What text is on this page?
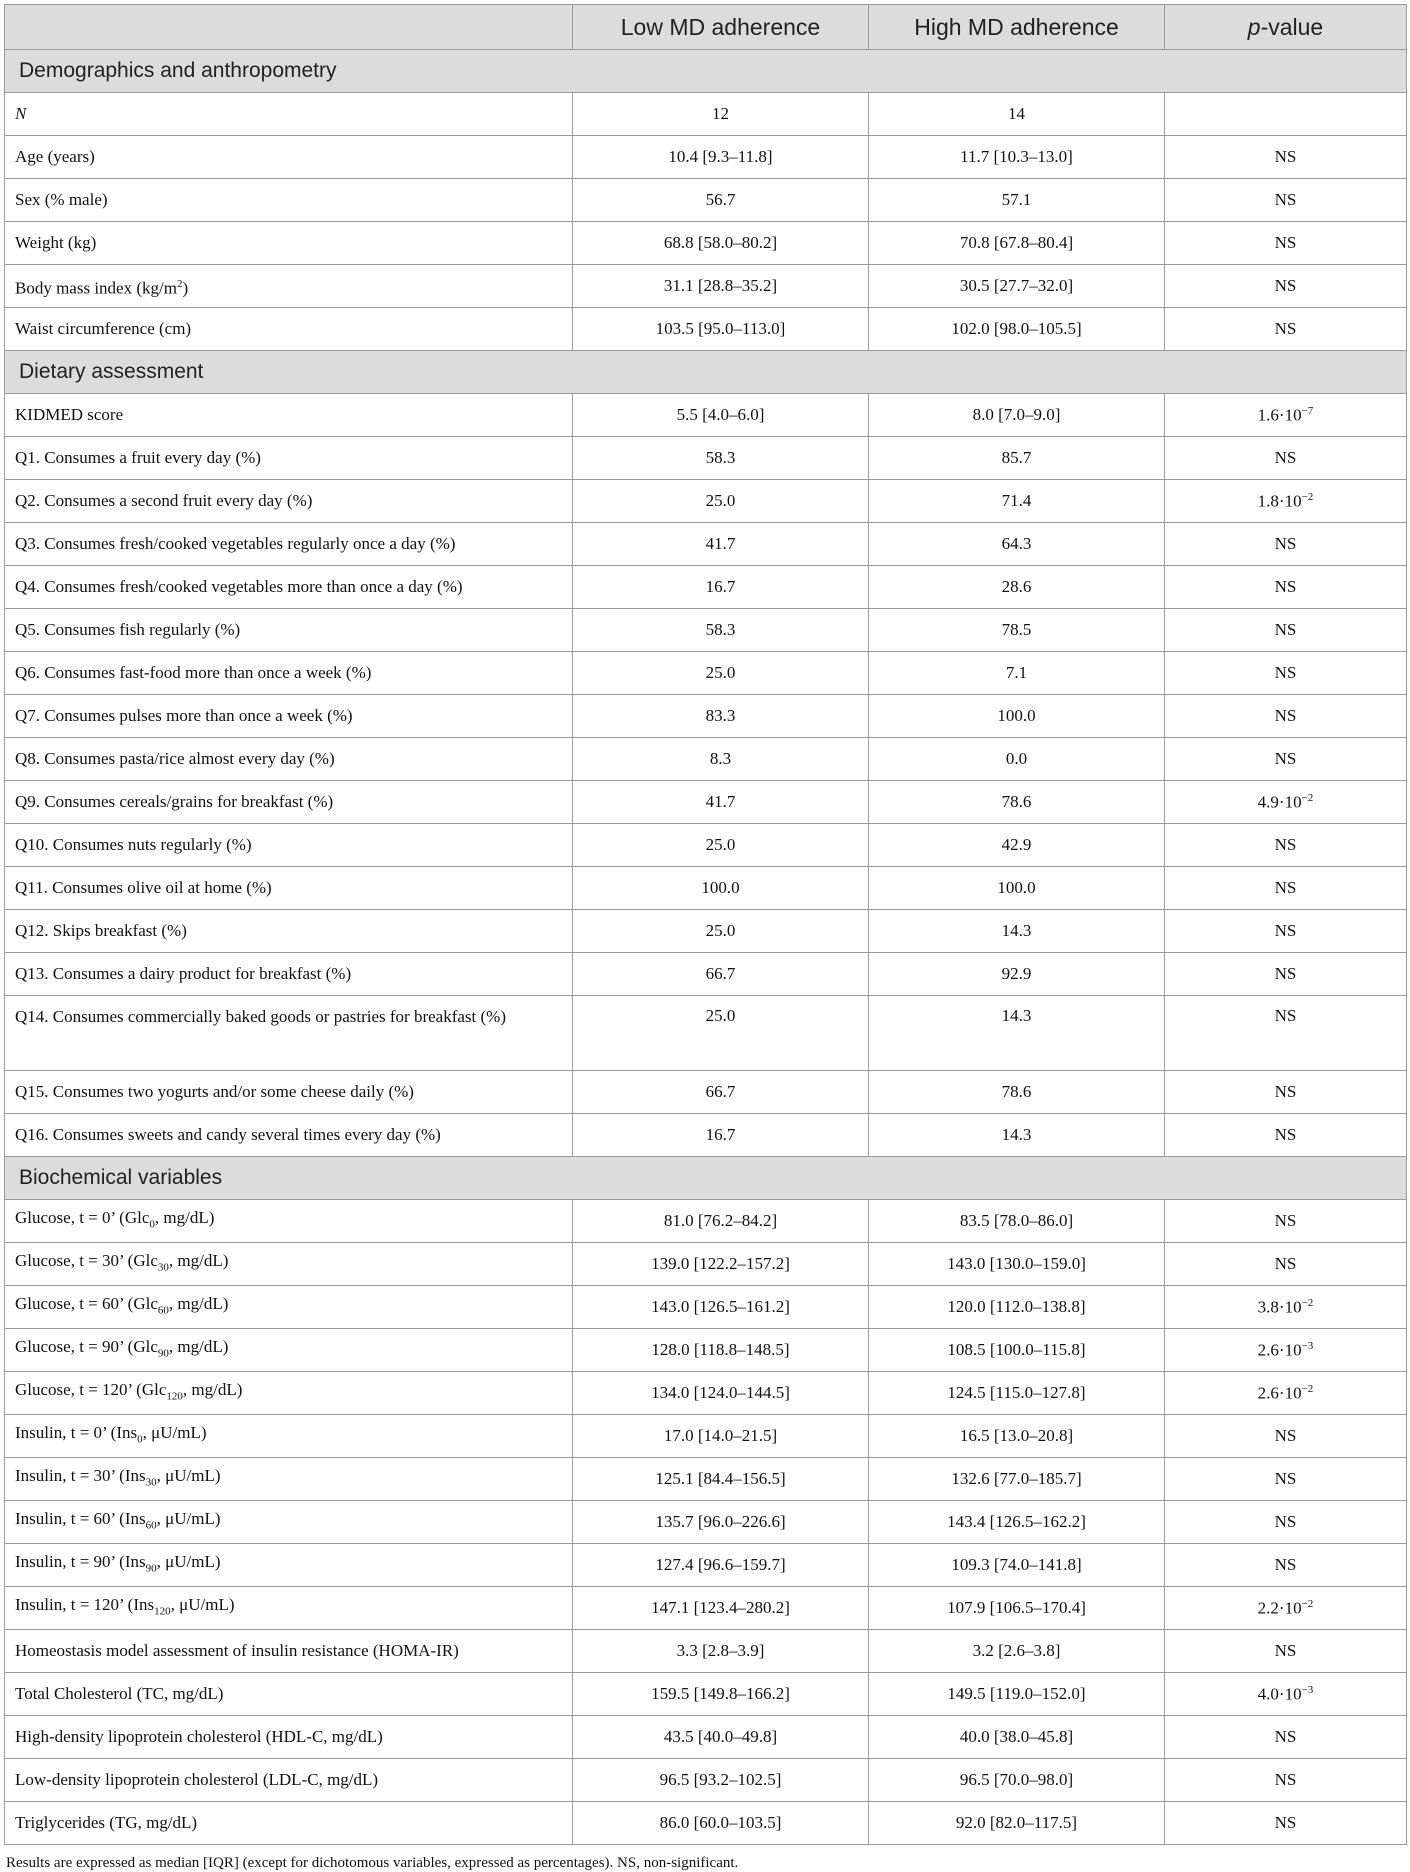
	Low MD adherence	High MD adherence	p-value
Demographics and anthropometry			
N	12	14	
Age (years)	10.4 [9.3–11.8]	11.7 [10.3–13.0]	NS
Sex (% male)	56.7	57.1	NS
Weight (kg)	68.8 [58.0–80.2]	70.8 [67.8–80.4]	NS
Body mass index $(kg/m^2)$	31.1 [28.8–35.2]	30.5 [27.7–32.0]	NS
Waist circumference (cm)	103.5 [95.0–113.0]	102.0 [98.0–105.5]	NS
Dietary assessment			
KIDMED score	5.5 [4.0–6.0]	8.0 [7.0–9.0]	$1.6\cdot 10^{-7}$
Q1. Consumes a fruit every day (%)	58.3	85.7	NS
Q2. Consumes a second fruit every day (%)	25.0	71.4	$1.8\cdot 10^{-2}$
Q3. Consumes fresh/cooked vegetables regularly once a day (%)	41.7	64.3	NS
Q4. Consumes fresh/cooked vegetables more than once a day (%)	16.7	28.6	NS
Q5. Consumes fish regularly (%)	58.3	78.5	NS
Q6. Consumes fast-food more than once a week (%)	25.0	7.1	NS
Q7. Consumes pulses more than once a week (%)	83.3	100.0	NS
Q8. Consumes pasta/rice almost every day (%)	8.3	0.0	NS
Q9. Consumes cereals/grains for breakfast (%)	41.7	78.6	$4.9\cdot 10^{-2}$
Q10. Consumes nuts regularly (%)	25.0	42.9	NS
Q11. Consumes olive oil at home (%)	100.0	100.0	NS
Q12. Skips breakfast (%)	25.0	14.3	NS
Q13. Consumes a dairy product for breakfast (%)	66.7	92.9	NS
Q14. Consumes commercially baked goods or pastries for breakfast (%)	25.0	14.3	NS
Q15. Consumes two yogurts and/or some cheese daily (%)	66.7	78.6	NS
Q16. Consumes sweets and candy several times every day (%)	16.7	14.3	NS
Biochemical variables			
Glucose, t = 0’ (Glc$_0$, mg/dL)	81.0 [76.2–84.2]	83.5 [78.0–86.0]	NS
Glucose, t = 30’ (Glc$_{30}$, mg/dL)	139.0 [122.2–157.2]	143.0 [130.0–159.0]	NS
Glucose, t = 60’ (Glc$_{60}$, mg/dL)	143.0 [126.5–161.2]	120.0 [112.0–138.8]	$3.8\cdot 10^{-2}$
Glucose, t = 90’ (Glc$_{90}$, mg/dL)	128.0 [118.8–148.5]	108.5 [100.0–115.8]	$2.6\cdot 10^{-3}$
Glucose, t = 120’ (Glc$_{120}$, mg/dL)	134.0 [124.0–144.5]	124.5 [115.0–127.8]	$2.6\cdot 10^{-2}$
Insulin, t = 0’ (Ins$_0$, μU/mL)	17.0 [14.0–21.5]	16.5 [13.0–20.8]	NS
Insulin, t = 30’ (Ins$_{30}$, μU/mL)	125.1 [84.4–156.5]	132.6 [77.0–185.7]	NS
Insulin, t = 60’ (Ins$_{60}$, μU/mL)	135.7 [96.0–226.6]	143.4 [126.5–162.2]	NS
Insulin, t = 90’ (Ins$_{90}$, μU/mL)	127.4 [96.6–159.7]	109.3 [74.0–141.8]	NS
Insulin, t = 120’ (Ins$_{120}$, μU/mL)	147.1 [123.4–280.2]	107.9 [106.5–170.4]	$2.2\cdot 10^{-2}$
Homeostasis model assessment of insulin resistance (HOMA-IR)	3.3 [2.8–3.9]	3.2 [2.6–3.8]	NS
Total Cholesterol (TC, mg/dL)	159.5 [149.8–166.2]	149.5 [119.0–152.0]	$4.0\cdot 10^{-3}$
High-density lipoprotein cholesterol (HDL-C, mg/dL)	43.5 [40.0–49.8]	40.0 [38.0–45.8]	NS
Low-density lipoprotein cholesterol (LDL-C, mg/dL)	96.5 [93.2–102.5]	96.5 [70.0–98.0]	NS
Triglycerides (TG, mg/dL)	86.0 [60.0–103.5]	92.0 [82.0–117.5]	NS
Results are expressed as median [IQR] (except for dichotomous variables, expressed as percentages). NS, non-significant.
